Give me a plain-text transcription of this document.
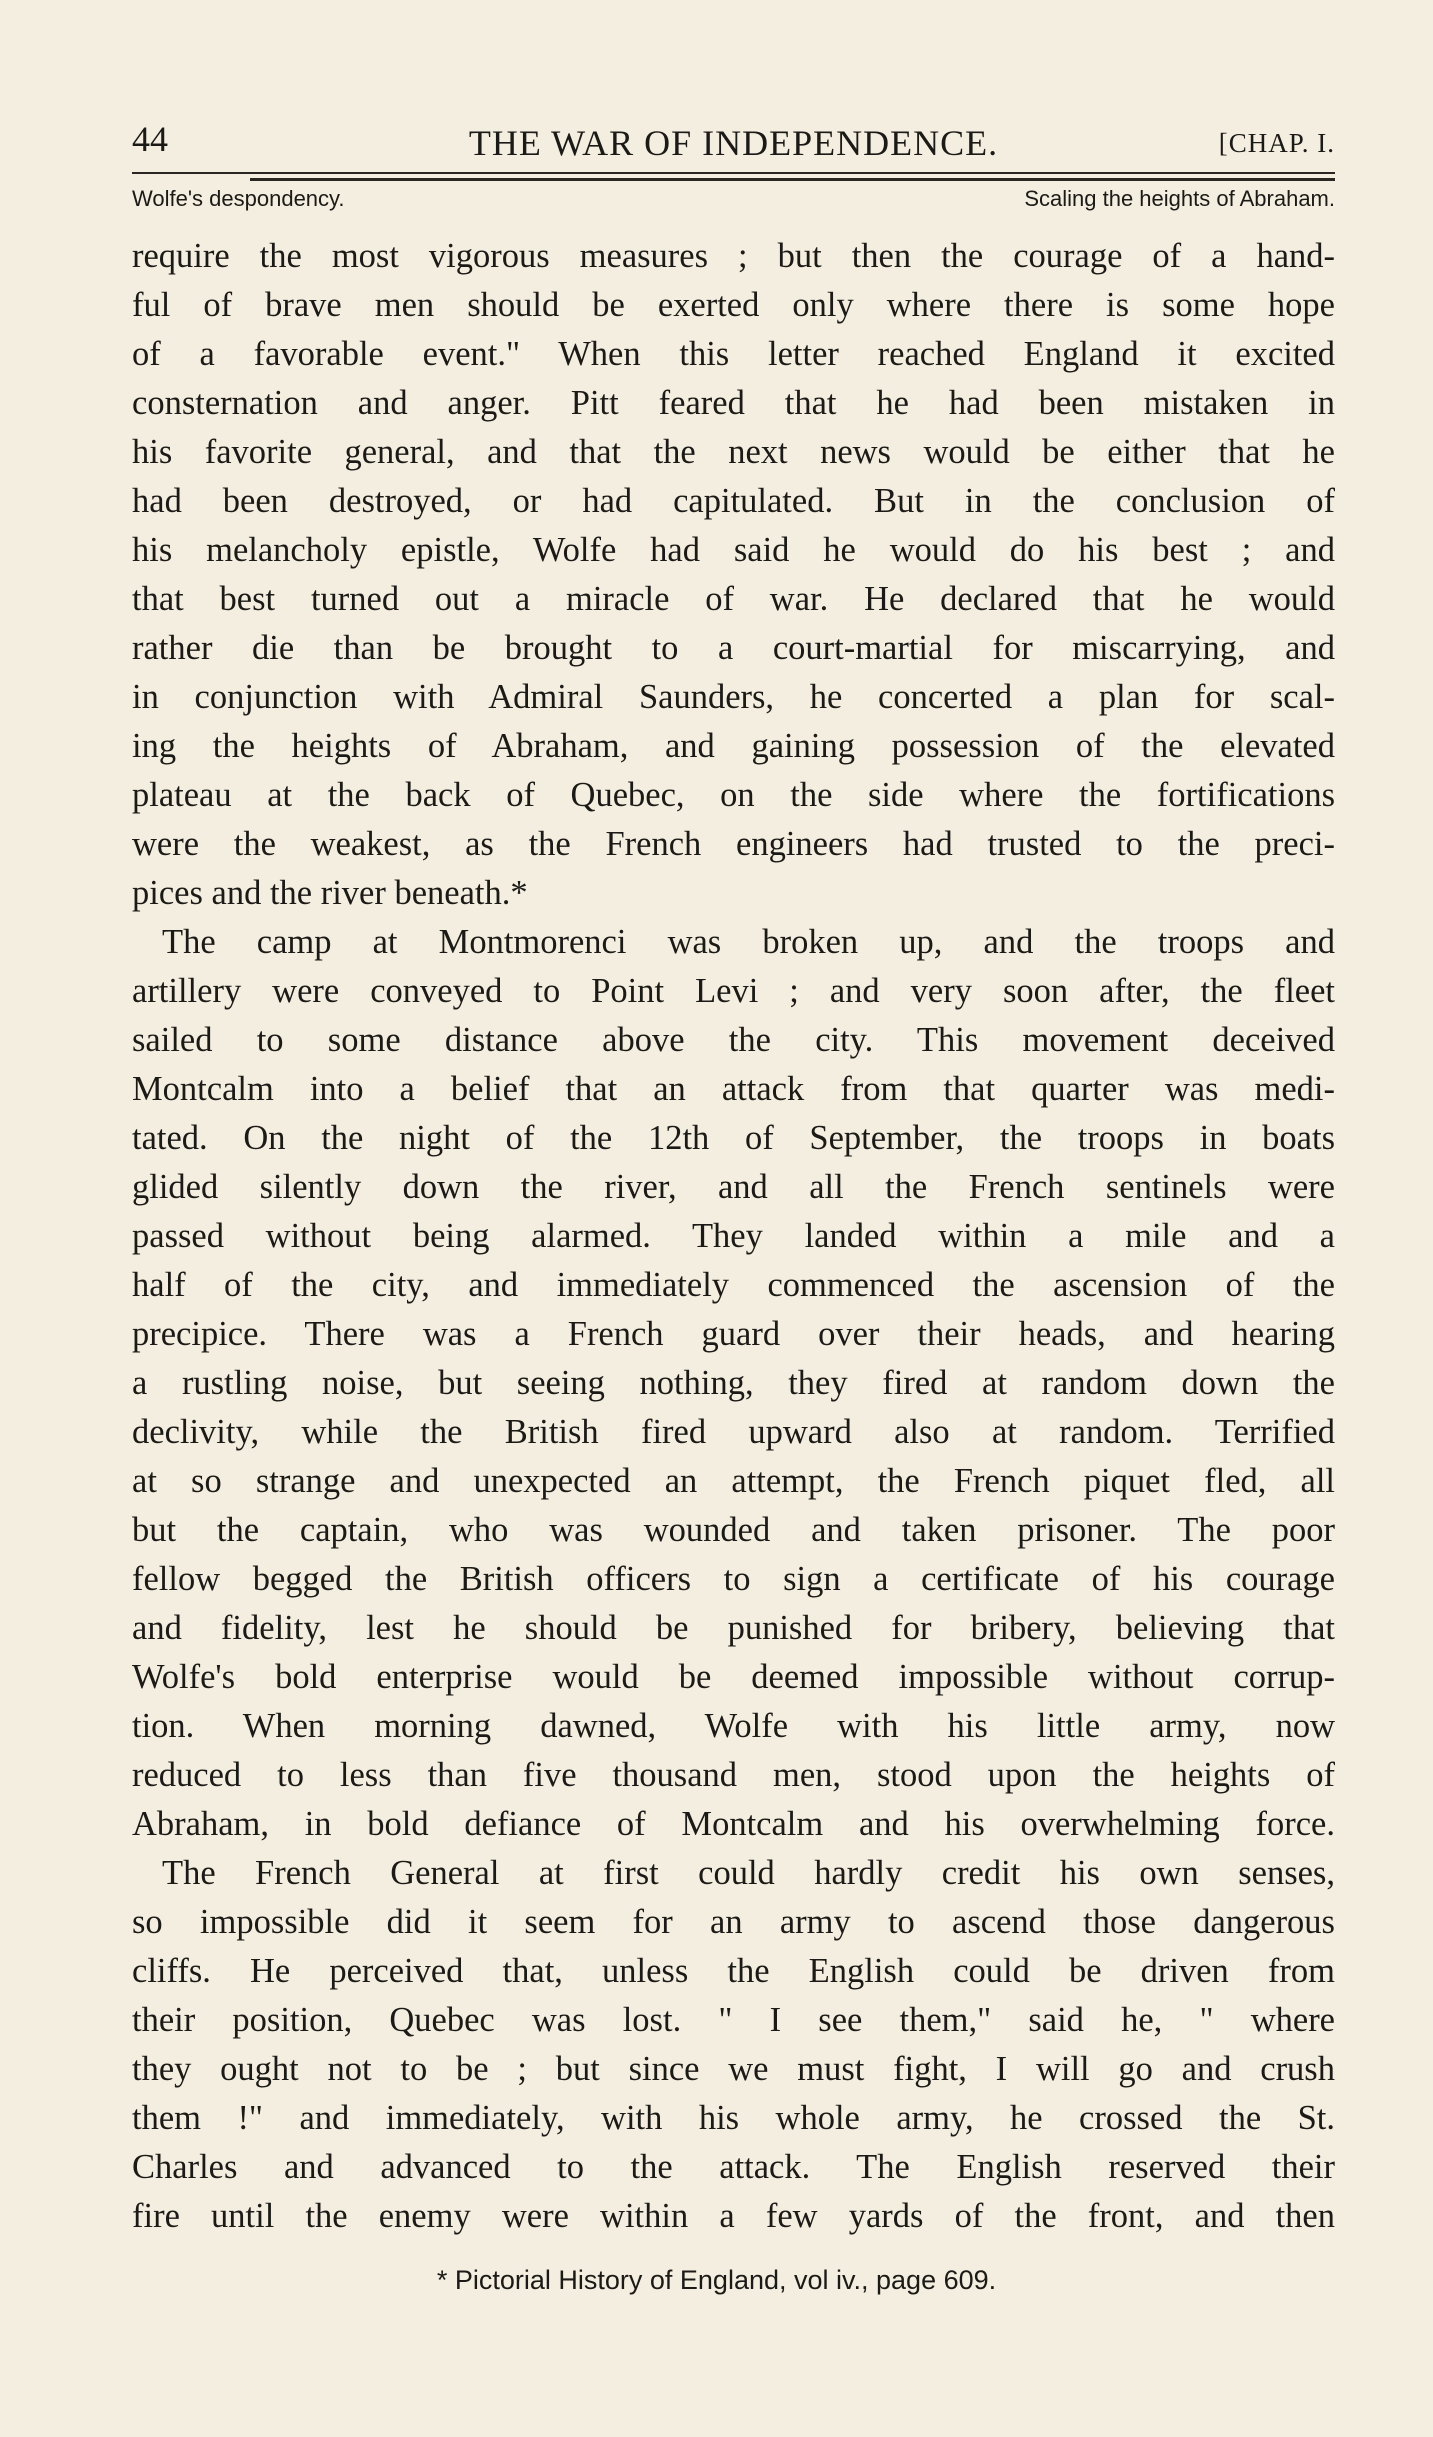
44	THE WAR OF INDEPENDENCE.	[CHAP. I.
Wolfe's despondency.	Scaling the heights of Abraham.
require the most vigorous measures ; but then the courage of a hand-
ful of brave men should be exerted only where there is some hope
of a favorable event." When this letter reached England it excited
consternation and anger. Pitt feared that he had been mistaken in
his favorite general, and that the next news would be either that he
had been destroyed, or had capitulated. But in the conclusion of
his melancholy epistle, Wolfe had said he would do his best ; and
that best turned out a miracle of war. He declared that he would
rather die than be brought to a court-martial for miscarrying, and
in conjunction with Admiral Saunders, he concerted a plan for scal-
ing the heights of Abraham, and gaining possession of the elevated
plateau at the back of Quebec, on the side where the fortifications
were the weakest, as the French engineers had trusted to the preci-
pices and the river beneath.*
The camp at Montmorenci was broken up, and the troops and
artillery were conveyed to Point Levi ; and very soon after, the fleet
sailed to some distance above the city. This movement deceived
Montcalm into a belief that an attack from that quarter was medi-
tated. On the night of the 12th of September, the troops in boats
glided silently down the river, and all the French sentinels were
passed without being alarmed. They landed within a mile and a
half of the city, and immediately commenced the ascension of the
precipice. There was a French guard over their heads, and hearing
a rustling noise, but seeing nothing, they fired at random down the
declivity, while the British fired upward also at random. Terrified
at so strange and unexpected an attempt, the French piquet fled, all
but the captain, who was wounded and taken prisoner. The poor
fellow begged the British officers to sign a certificate of his courage
and fidelity, lest he should be punished for bribery, believing that
Wolfe's bold enterprise would be deemed impossible without corrup-
tion. When morning dawned, Wolfe with his little army, now
reduced to less than five thousand men, stood upon the heights of
Abraham, in bold defiance of Montcalm and his overwhelming force.
The French General at first could hardly credit his own senses,
so impossible did it seem for an army to ascend those dangerous
cliffs. He perceived that, unless the English could be driven from
their position, Quebec was lost. " I see them," said he, " where
they ought not to be ; but since we must fight, I will go and crush
them !" and immediately, with his whole army, he crossed the St.
Charles and advanced to the attack. The English reserved their
fire until the enemy were within a few yards of the front, and then
* Pictorial History of England, vol iv., page 609.
